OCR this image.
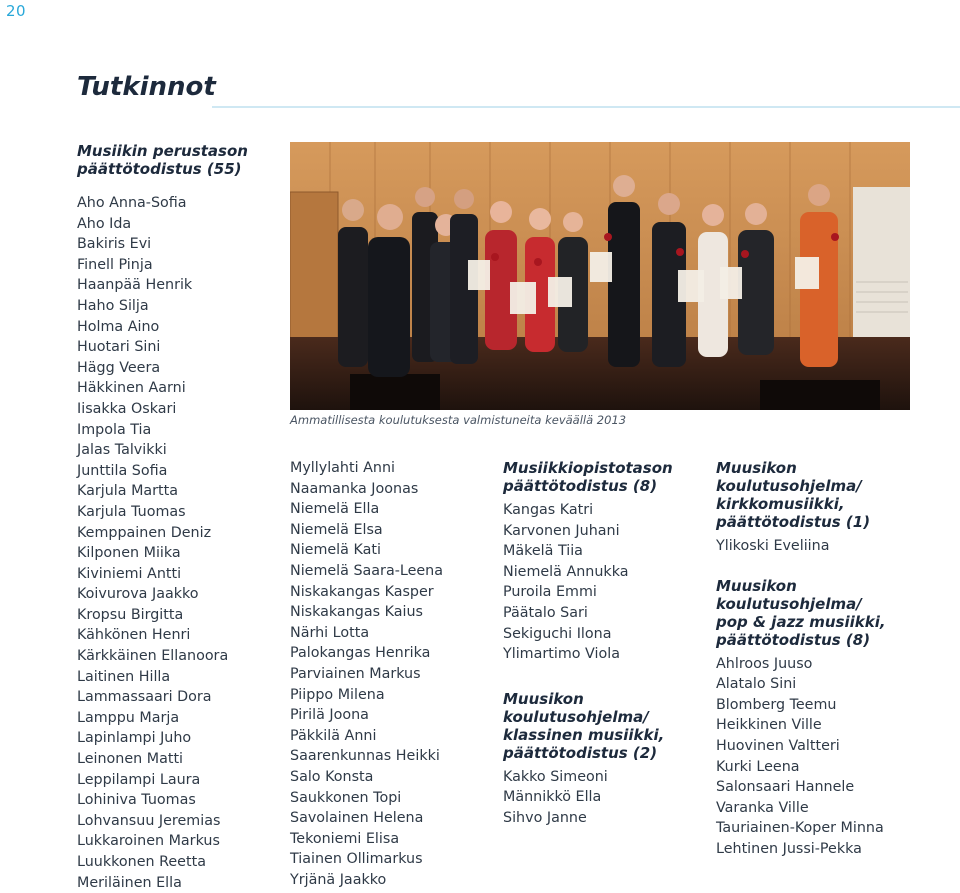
20
Tutkinnot
Musiikin perustason
päättötodistus (55)
Aho Anna-Sofia
Aho Ida
Bakiris Evi
Finell Pinja
Haanpää Henrik
Haho Silja
Holma Aino
Huotari Sini
Hägg Veera
Häkkinen Aarni
Iisakka Oskari
Impola Tia
Jalas Talvikki
Junttila Sofia
Karjula Martta
Karjula Tuomas
Kemppainen Deniz
Kilponen Miika
Kiviniemi Antti
Koivurova Jaakko
Kropsu Birgitta
Kähkönen Henri
Kärkkäinen Ellanoora
Laitinen Hilla
Lammassaari Dora
Lamppu Marja
Lapinlampi Juho
Leinonen Matti
Leppilampi Laura
Lohiniva Tuomas
Lohvansuu Jeremias
Lukkaroinen Markus
Luukkonen Reetta
Meriläinen Ella
Ammatillisesta koulutuksesta valmistuneita keväällä 2013
Myllylahti Anni
Naamanka Joonas
Niemelä Ella
Niemelä Elsa
Niemelä Kati
Niemelä Saara-Leena
Niskakangas Kasper
Niskakangas Kaius
Närhi Lotta
Palokangas Henrika
Parviainen Markus
Piippo Milena
Pirilä Joona
Päkkilä Anni
Saarenkunnas Heikki
Salo Konsta
Saukkonen Topi
Savolainen Helena
Tekoniemi Elisa
Tiainen Ollimarkus
Yrjänä Jaakko
Musiikkiopistotason
päättötodistus (8)
Kangas Katri
Karvonen Juhani
Mäkelä Tiia
Niemelä Annukka
Puroila Emmi
Päätalo Sari
Sekiguchi Ilona
Ylimartimo Viola
Muusikon
koulutusohjelma/
klassinen musiikki,
päättötodistus (2)
Kakko Simeoni
Männikkö Ella
Sihvo Janne
Muusikon
koulutusohjelma/
kirkkomusiikki,
päättötodistus (1)
Ylikoski Eveliina
Muusikon
koulutusohjelma/
pop & jazz musiikki,
päättötodistus (8)
Ahlroos Juuso
Alatalo Sini
Blomberg Teemu
Heikkinen Ville
Huovinen Valtteri
Kurki Leena
Salonsaari Hannele
Varanka Ville
Tauriainen-Koper Minna
Lehtinen Jussi-Pekka
